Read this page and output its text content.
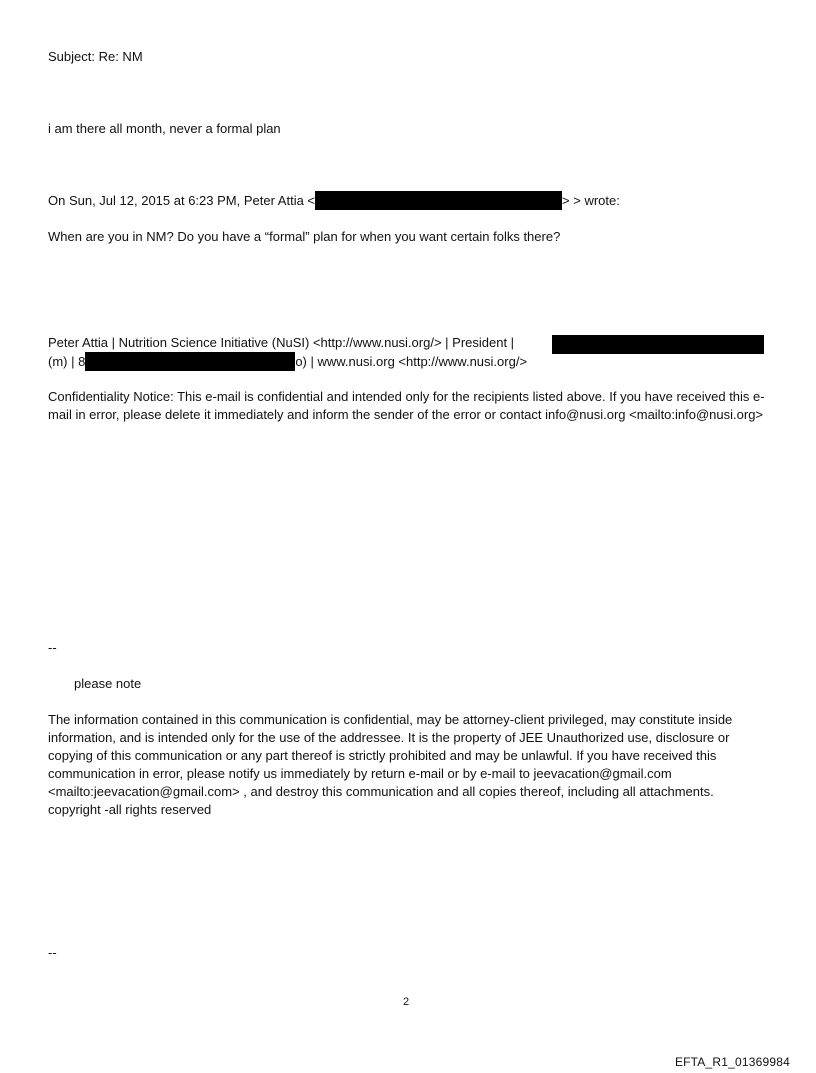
Subject: Re: NM
i am there all month, never a formal plan
On Sun, Jul 12, 2015 at 6:23 PM, Peter Attia <	> > wrote:
When are you in NM? Do you have a “formal” plan for when you want certain folks there?
Peter Attia | Nutrition Science Initiative (NuSI) <http://www.nusi.org/> | President |
(m) | 8	o) | www.nusi.org <http://www.nusi.org/>
Confidentiality Notice: This e-mail is confidential and intended only for the recipients listed above. If you have received this e-mail in error, please delete it immediately and inform the sender of the error or contact info@nusi.org <mailto:info@nusi.org>
--
please note
The information contained in this communication is confidential, may be attorney-client privileged, may constitute inside information, and is intended only for the use of the addressee. It is the property of JEE Unauthorized use, disclosure or copying of this communication or any part thereof is strictly prohibited and may be unlawful. If you have received this communication in error, please notify us immediately by return e-mail or by e-mail to jeevacation@gmail.com <mailto:jeevacation@gmail.com> , and destroy this communication and all copies thereof, including all attachments. copyright -all rights reserved
--
2
EFTA_R1_01369984
